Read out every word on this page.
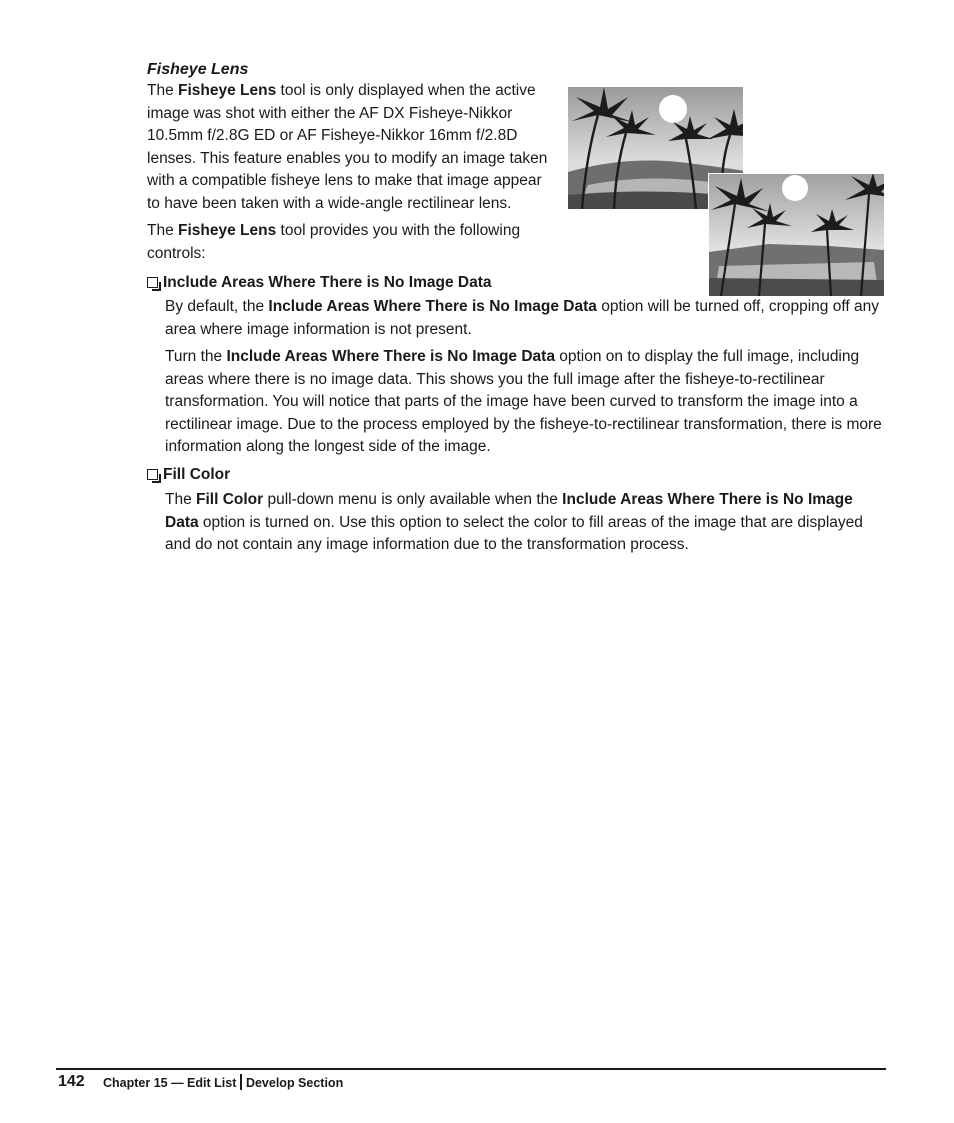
Fisheye Lens
The Fisheye Lens tool is only displayed when the active image was shot with either the AF DX Fisheye-Nikkor 10.5mm f/2.8G ED or AF Fisheye-Nikkor 16mm f/2.8D lenses. This feature enables you to modify an image taken with a compatible fisheye lens to make that image appear to have been taken with a wide-angle rectilinear lens.
The Fisheye Lens tool provides you with the following controls:
Include Areas Where There is No Image Data
By default, the Include Areas Where There is No Image Data option will be turned off, cropping off any area where image information is not present.
Turn the Include Areas Where There is No Image Data option on to display the full image, including areas where there is no image data. This shows you the full image after the fisheye-to-rectilinear transformation. You will notice that parts of the image have been curved to transform the image into a rectilinear image. Due to the process employed by the fisheye-to-rectilinear transformation, there is more information along the longest side of the image.
Fill Color
The Fill Color pull-down menu is only available when the Include Areas Where There is No Image Data option is turned on. Use this option to select the color to fill areas of the image that are displayed and do not contain any image information due to the transformation process.
142 Chapter 15 — Edit List Develop Section
